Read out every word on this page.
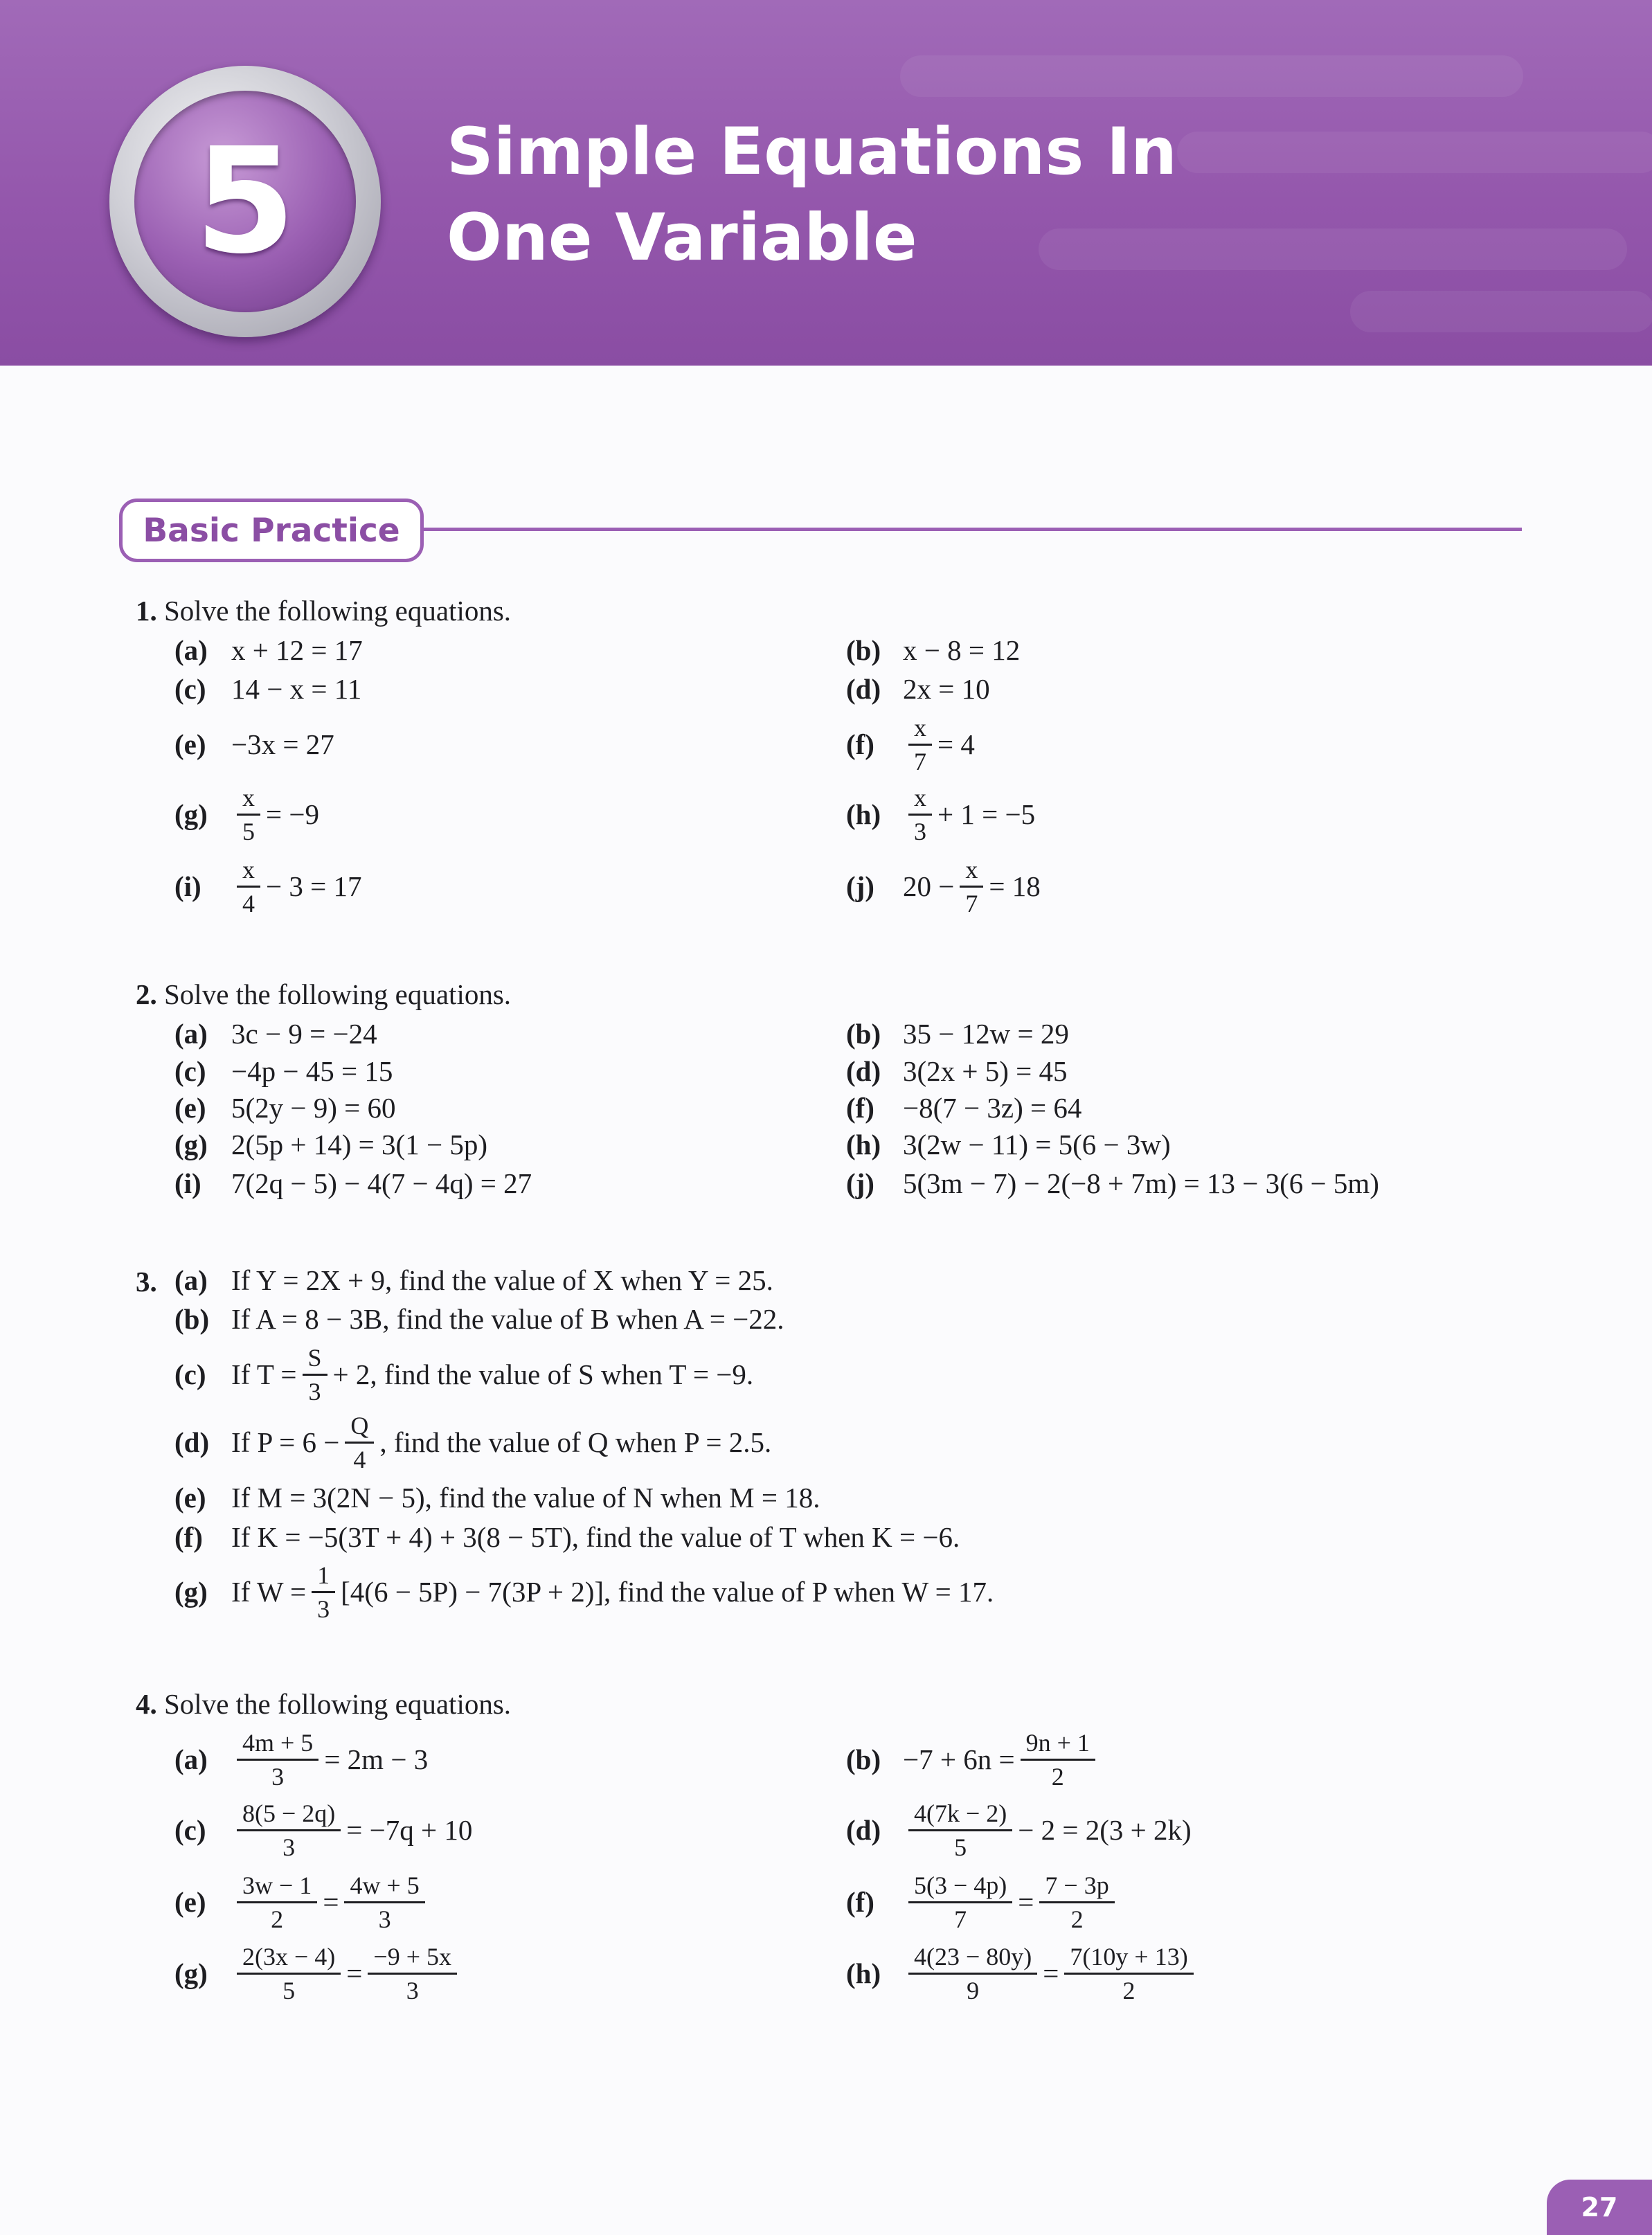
5 Simple Equations In
One Variable
Basic Practice
1. Solve the following equations.
2. Solve the following equations.
3.
4. Solve the following equations.
(a) x + 12 = 17	(b) x − 8 = 12
(c) 14 − x = 11	(d) 2x = 10
(e) −3x = 27	(f)	$\frac{x}{7} = 4$
(g)	$\frac{x}{5} = -9$	(h)	$\frac{x}{3} + 1 = -5$
(i)	$\frac{x}{4} - 3 = 17$	(j)	$20 - \frac{x}{7} = 18$
(a) 3c − 9 = −24	(b) 35 − 12w = 29
(c) −4p − 45 = 15	(d) 3(2x + 5) = 45
(e) 5(2y − 9) = 60	(f)	−8(7 − 3z) = 64
(g) 2(5p + 14) = 3(1 − 5p)	(h) 3(2w − 11) = 5(6 − 3w)
(i)	7(2q − 5) − 4(7 − 4q) = 27	(j)	5(3m − 7) − 2(−8 + 7m) = 13 − 3(6 − 5m)
(a) If Y = 2X + 9, find the value of X when Y = 25.
(b) If A = 8 − 3B, find the value of B when A = −22.
(c) If $T = \frac{S}{3} + 2$, find the value of S when T = −9.
(d) If $P = 6 - \frac{Q}{4}$ , find the value of Q when P = 2.5.
(e) If M = 3(2N − 5), find the value of N when M = 18.
(f)	If K = −5(3T + 4) + 3(8 − 5T), find the value of T when K = −6.
(g) If $W = \frac{1}{3} [4(6 - 5P) - 7(3P + 2)]$, find the value of P when W = 17.
(a)	$\frac{4m + 5}{3} = 2m - 3$	$(b) -7 + 6n = \frac{9n + 1}{2}$
(c)	$\frac{8(5 - 2q)}{3} = -7q + 10$	(d)	$\frac{4(7k - 2)}{5} - 2 = 2(3 + 2k)$
(e)	$\frac{3w - 1}{2} = \frac{4w + 5}{3}$	(f)	$\frac{5(3 - 4p)}{7} = \frac{7 - 3p}{2}$
(g)	$\frac{2(3x - 4)}{5} = \frac{-9 + 5x}{3}$	(h)	$\frac{4(23 - 80y)}{9} = \frac{7(10y + 13)}{2}$
27
